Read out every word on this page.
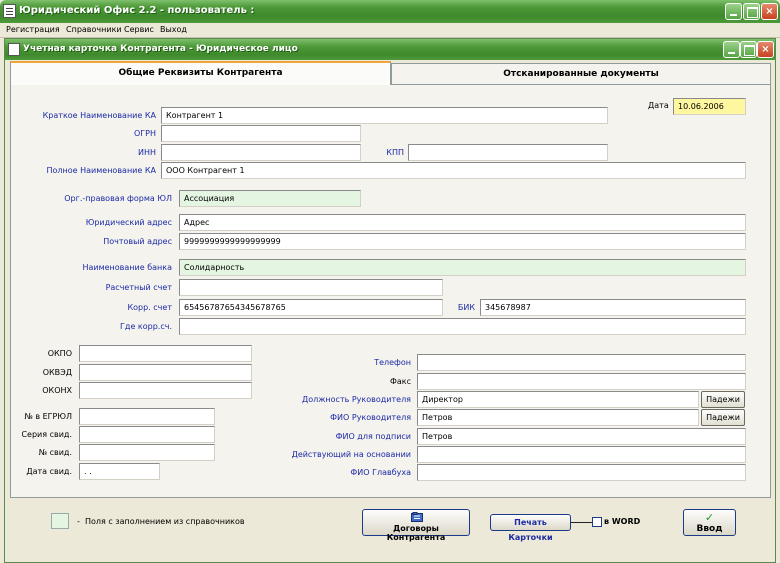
Юридический Офис 2.2 - пользователь :	×
Регистрация Справочники Сервис Выход
Учетная карточка Контрагента - Юридическое лицо	×
Общие Реквизиты Контрагента	Отсканированные документы
Дата	10.06.2006
Краткое Наименование КА	Контрагент 1
ОГРН
ИНН	КПП
Полное Наименование КА	ООО Контрагент 1
Орг.-правовая форма ЮЛ	Ассоциация
Юридический адрес	Адрес
Почтовый адрес	9999999999999999999
Наименование банка	Солидарность
Расчетный счет
Корр. счет	65456787654345678765	БИК	345678987
Где корр.сч.
ОКПО
ОКВЭД
ОКОНХ
№ в ЕГРЮЛ
Серия свид.
№ свид.
Дата свид.	. .
Телефон
Факс
Должность Руководителя	Директор	Падежи
ФИО Руководителя	Петров	Падежи
ФИО для подписи	Петров
Действующий на основании
ФИО Главбуха
- Поля с заполнением из справочников
Договоры Контрагента
Печать Карточки
в WORD	✓
Ввод
